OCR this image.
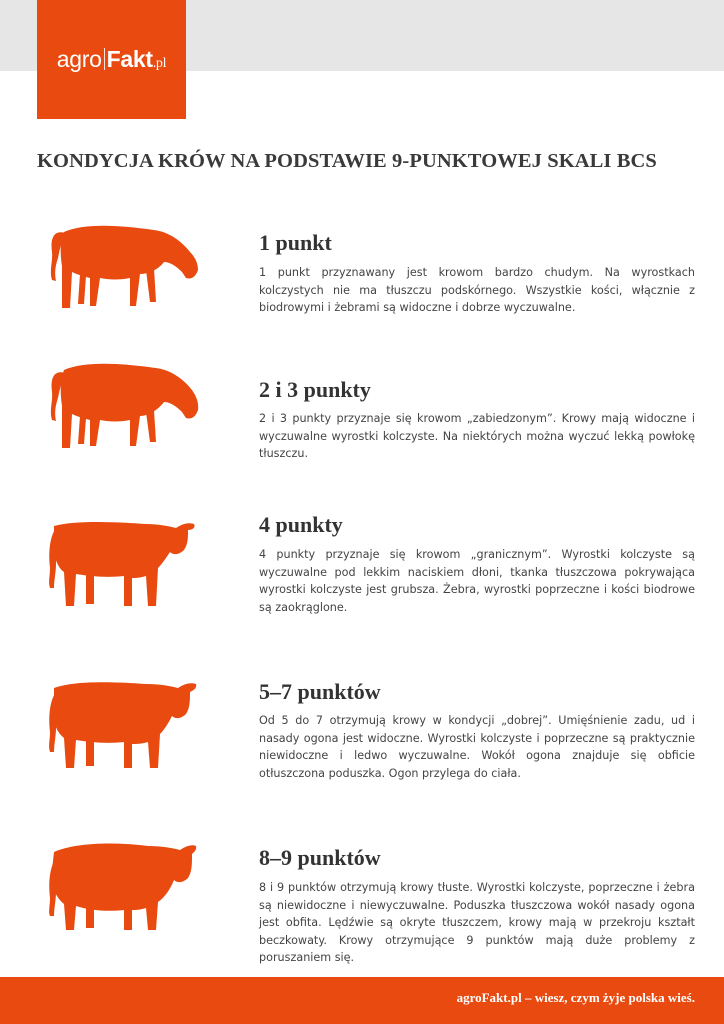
agro Fakt.pl
KONDYCJA KRÓW NA PODSTAWIE 9-PUNKTOWEJ SKALI BCS
1 punkt

1 punkt przyznawany jest krowom bardzo chudym. Na wyrostkach kolczystych nie ma tłuszczu podskórnego. Wszystkie kości, włącznie z biodrowymi i żebrami są widoczne i dobrze wyczuwalne.

2 i 3 punkty

2 i 3 punkty przyznaje się krowom „zabiedzonym”. Krowy mają widoczne i wyczuwalne wyrostki kolczyste. Na niektórych można wyczuć lekką powłokę tłuszczu.

4 punkty

4 punkty przyznaje się krowom „granicznym”. Wyrostki kolczyste są wyczuwalne pod lekkim naciskiem dłoni, tkanka tłuszczowa pokrywająca wyrostki kolczyste jest grubsza. Żebra, wyrostki poprzeczne i kości biodrowe są zaokrąglone.

5–7 punktów

Od 5 do 7 otrzymują krowy w kondycji „dobrej”. Umięśnienie zadu, ud i nasady ogona jest widoczne. Wyrostki kolczyste i poprzeczne są praktycznie niewidoczne i ledwo wyczuwalne. Wokół ogona znajduje się obficie otłuszczona poduszka. Ogon przylega do ciała.

8–9 punktów

8 i 9 punktów otrzymują krowy tłuste. Wyrostki kolczyste, poprzeczne i żebra są niewidoczne i niewyczuwalne. Poduszka tłuszczowa wokół nasady ogona jest obfita. Lędźwie są okryte tłuszczem, krowy mają w przekroju kształt beczkowaty. Krowy otrzymujące 9 punktów mają duże problemy z poruszaniem się.

agroFakt.pl – wiesz, czym żyje polska wieś.
